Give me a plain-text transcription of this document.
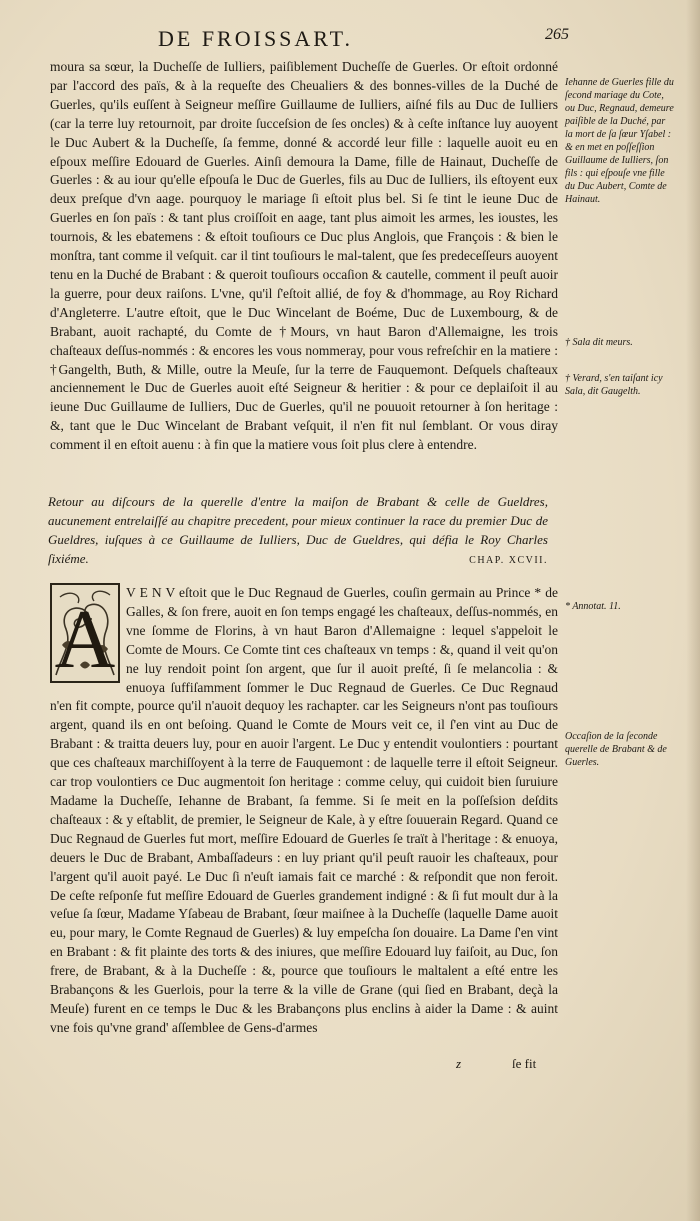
DE FROISSART.	265

moura sa sœur, la Ducheſſe de Iulliers, paiſiblement Ducheſſe de Guerles. Or eſtoit ordonné par l'accord des païs, & à la requeſte des Cheualiers & des bonnes-villes de la Duché de Guerles, qu'ils euſſent à Seigneur meſſire Guillaume de Iulliers, aiſné fils au Duc de Iulliers (car la terre luy retournoit, par droite ſucceſsion de ſes oncles) & à ceſte inſtance luy auoyent le Duc Aubert & la Ducheſſe, ſa femme, donné & accordé leur fille : laquelle auoit eu en eſpoux meſſire Edouard de Guerles. Ainſi demoura la Dame, fille de Hainaut, Ducheſſe de Guerles : & au iour qu'elle eſpouſa le Duc de Guerles, fils au Duc de Iulliers, ils eſtoyent eux deux preſque d'vn aage. pourquoy le mariage ſi eſtoit plus bel. Si ſe tint le ieune Duc de Guerles en ſon païs : & tant plus croiſſoit en aage, tant plus aimoit les armes, les ioustes, les tournois, & les ebatemens : & eſtoit touſiours ce Duc plus Anglois, que François : & bien le monſtra, tant comme il veſquit. car il tint touſiours le mal-talent, que ſes predeceſſeurs auoyent tenu en la Duché de Brabant : & queroit touſiours occaſion & cautelle, comment il peuſt auoir la guerre, pour deux raiſons. L'vne, qu'il ſ'eſtoit allié, de foy & d'hommage, au Roy Richard d'Angleterre. L'autre eſtoit, que le Duc Wincelant de Boéme, Duc de Luxembourg, & de Brabant, auoit rachapté, du Comte de †Mours, vn haut Baron d'Allemaigne, les trois chaſteaux deſſus-nommés : & encores les vous nommeray, pour vous refreſchir en la matiere : †Gangelth, Buth, & Mille, outre la Meuſe, ſur la terre de Fauquemont. Deſquels chaſteaux anciennement le Duc de Guerles auoit eſté Seigneur & heritier : & pour ce deplaiſoit il au ieune Duc Guillaume de Iulliers, Duc de Guerles, qu'il ne pouuoit retourner à ſon heritage : &, tant que le Duc Wincelant de Brabant veſquit, il n'en fit nul ſemblant. Or vous diray comment il en eſtoit auenu : à fin que la matiere vous ſoit plus clere à entendre.

Retour au diſcours de la querelle d'entre la maiſon de Brabant & celle de Gueldres, aucunement entrelaiſſé au chapitre precedent, pour mieux continuer la race du premier Duc de Gueldres, iuſques à ce Guillaume de Iulliers, Duc de Gueldres, qui défia le Roy Charles ſixiéme.	CHAP. XCVII.

V E N V eſtoit que le Duc Regnaud de Guerles, couſin germain au Prince * de Galles, & ſon frere, auoit en ſon temps engagé les chaſteaux, deſſus-nommés, en vne ſomme de Florins, à vn haut Baron d'Allemaigne : lequel s'appeloit le Comte de Mours. Ce Comte tint ces chaſteaux vn temps : &, quand il veit qu'on ne luy rendoit point ſon argent, que ſur il auoit preſté, ſi ſe melancolia : & enuoya ſuffiſamment ſommer le Duc Regnaud de Guerles. Ce Duc Regnaud n'en fit compte, pource qu'il n'auoit dequoy les rachapter. car les Seigneurs n'ont pas touſiours argent, quand ils en ont beſoing. Quand le Comte de Mours veit ce, il ſ'en vint au Duc de Brabant : & traitta deuers luy, pour en auoir l'argent. Le Duc y entendit voulontiers : pourtant que ces chaſteaux marchiſſoyent à la terre de Fauquemont : de laquelle terre il eſtoit Seigneur. car trop voulontiers ce Duc augmentoit ſon heritage : comme celuy, qui cuidoit bien ſuruiure Madame la Ducheſſe, Iehanne de Brabant, ſa femme. Si ſe meit en la poſſeſsion deſdits chaſteaux : & y eſtablit, de premier, le Seigneur de Kale, à y eſtre ſouuerain Regard. Quand ce Duc Regnaud de Guerles fut mort, meſſire Edouard de Guerles ſe traït à l'heritage : & enuoya, deuers le Duc de Brabant, Ambaſſadeurs : en luy priant qu'il peuſt rauoir les chaſteaux, pour l'argent qu'il auoit payé. Le Duc ſi n'euſt iamais fait ce marché : & reſpondit que non feroit. De ceſte reſponſe fut meſſire Edouard de Guerles grandement indigné : & ſi fut moult dur à la veſue ſa ſœur, Madame Yſabeau de Brabant, ſœur maiſnee à la Ducheſſe (laquelle Dame auoit eu, pour mary, le Comte Regnaud de Guerles) & luy empeſcha ſon douaire. La Dame ſ'en vint en Brabant : & fit plainte des torts & des iniures, que meſſire Edouard luy faiſoit, au Duc, ſon frere, de Brabant, & à la Ducheſſe : &, pource que touſiours le maltalent a eſté entre les Brabançons & les Guerlois, pour la terre & la ville de Grane (qui ſied en Brabant, deçà la Meuſe) furent en ce temps le Duc & les Brabançons plus enclins à aider la Dame : & auint vne fois qu'vne grand' aſſemblee de Gens-d'armes

A
Iehanne de Guerles fille du ſecond mariage du Cote, ou Duc, Regnaud, demeure paiſible de la Duché, par la mort de ſa ſœur Yſabel : & en met en poſſeſſion Guillaume de Iulliers, ſon fils : qui eſpouſe vne fille du Duc Aubert, Comte de Hainaut.
† Sala dit meurs.
† Verard, s'en taiſant icy Sala, dit Gaugelth.
* Annotat. 11.
Occaſion de la ſeconde querelle de Brabant & de Guerles.
z	ſe fit
